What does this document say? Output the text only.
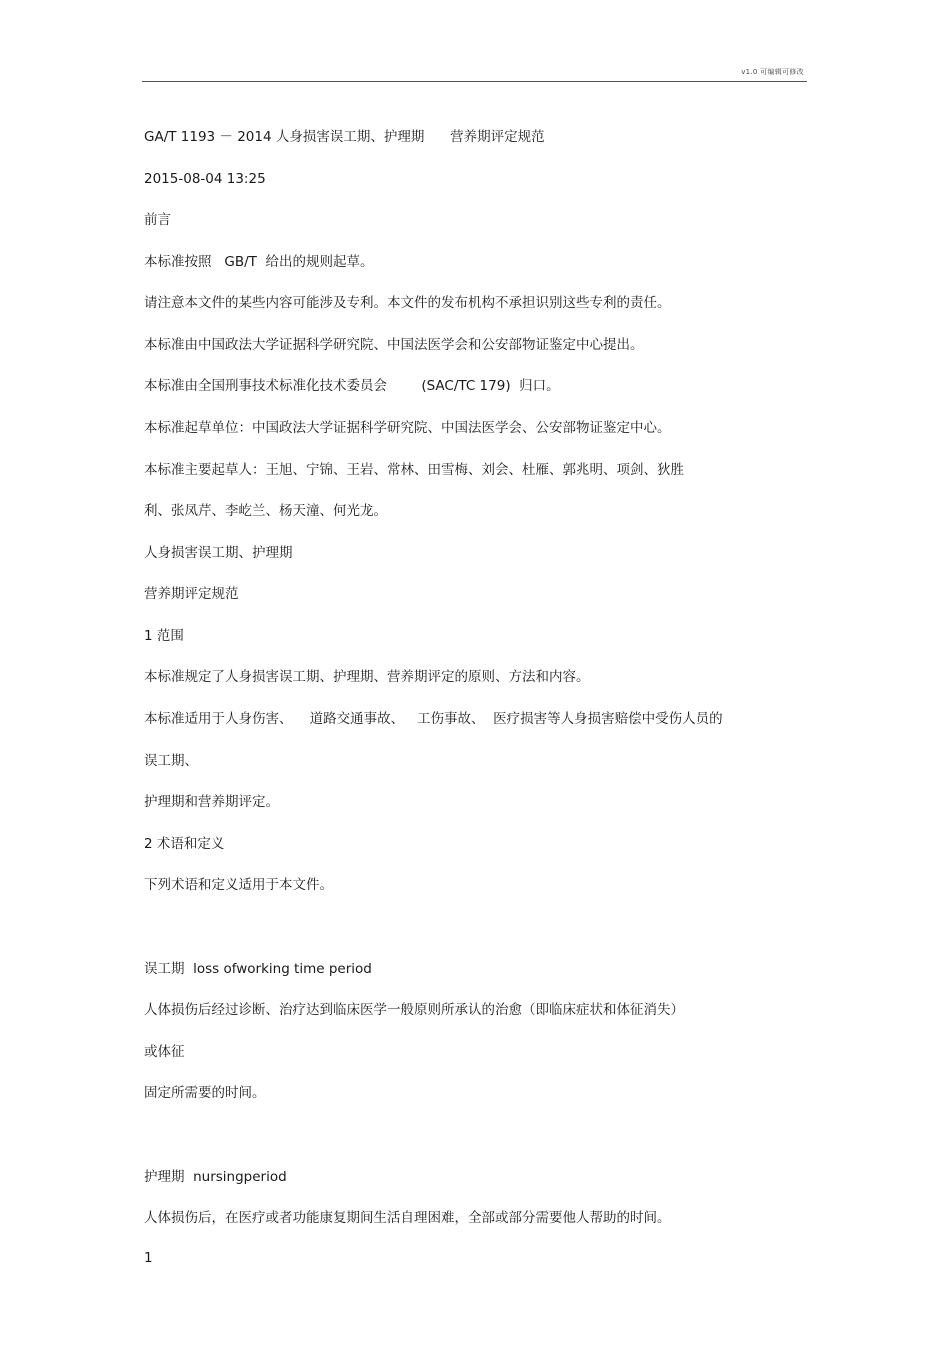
v1.0 可编辑可修改
GA/T 1193 － 2014 人身损害误工期、护理期      营养期评定规范
2015-08-04 13:25
前言
本标准按照   GB/T  给出的规则起草。
请注意本文件的某些内容可能涉及专利。本文件的发布机构不承担识别这些专利的责任。
本标准由中国政法大学证据科学研究院、中国法医学会和公安部物证鉴定中心提出。
本标准由全国刑事技术标准化技术委员会        (SAC/TC 179)  归口。
本标准起草单位：中国政法大学证据科学研究院、中国法医学会、公安部物证鉴定中心。
本标准主要起草人：王旭、宁锦、王岩、常林、田雪梅、刘会、杜雁、郭兆明、项剑、狄胜
利、张凤芹、李屹兰、杨天潼、何光龙。
人身损害误工期、护理期
营养期评定规范
1 范围
本标准规定了人身损害误工期、护理期、营养期评定的原则、方法和内容。
本标准适用于人身伤害、    道路交通事故、   工伤事故、  医疗损害等人身损害赔偿中受伤人员的
误工期、
护理期和营养期评定。
2 术语和定义
下列术语和定义适用于本文件。
误工期  loss ofworking time period
人体损伤后经过诊断、治疗达到临床医学一般原则所承认的治愈（即临床症状和体征消失）
或体征
固定所需要的时间。
护理期  nursingperiod
人体损伤后，在医疗或者功能康复期间生活自理困难，全部或部分需要他人帮助的时间。
1
